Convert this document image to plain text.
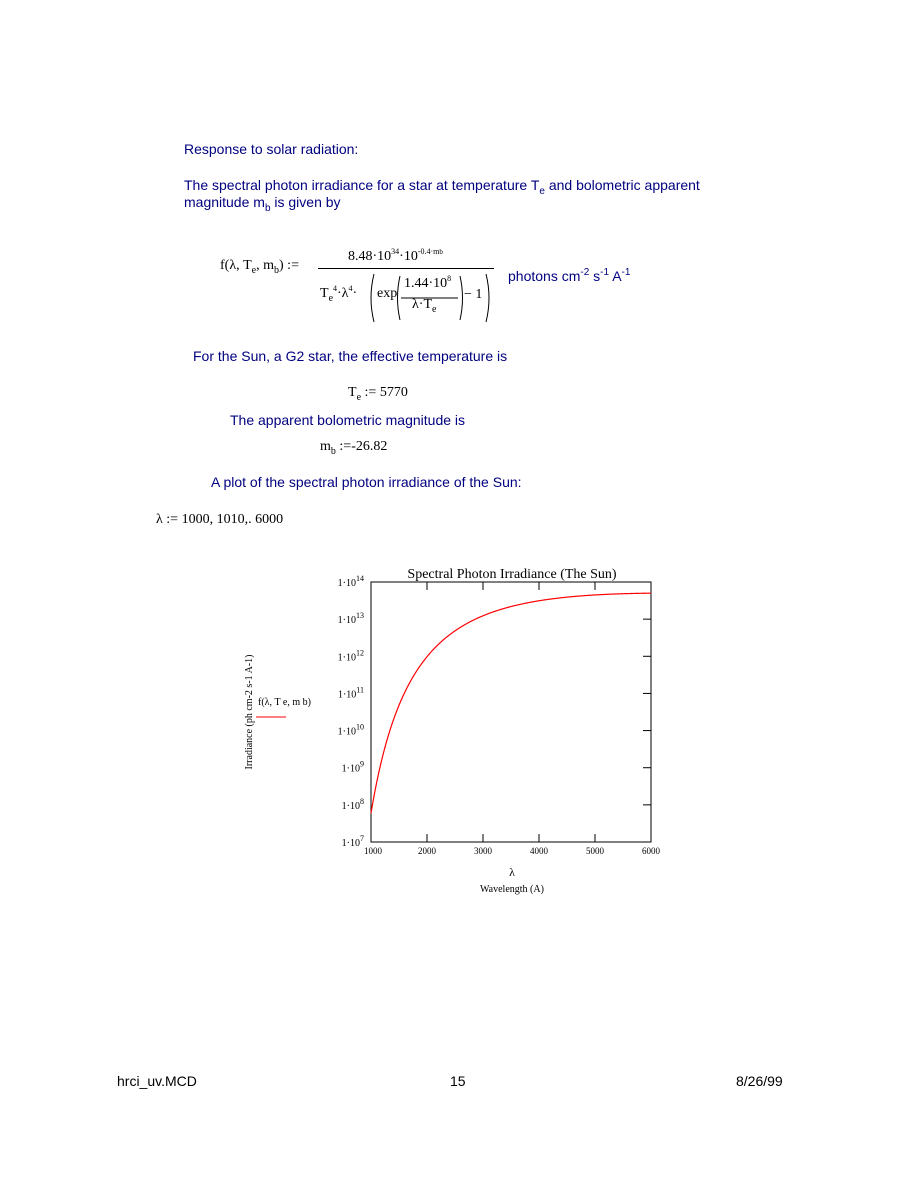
Response to solar radiation:
The spectral photon irradiance for a star at temperature $T_e$ and bolometric apparent
magnitude $m_b$ is given by
f(λ, $T_e$, $m_b$) :=
$8.48\cdot 10^{34}\cdot 10^{-0.4\cdot mb}$
$T_e^4\cdot\lambda^4\cdot \exp$
$1.44\cdot 10^8$
$\lambda\cdot T_e$
− 1
photons $cm^{-2}$ $s^{-1}$ $A^{-1}$
For the Sun, a G2 star, the effective temperature is
$T_e$ := 5770
The apparent bolometric magnitude is
$m_b$ :=-26.82
A plot of the spectral photon irradiance of the Sun:
λ := 1000, 1010,. 6000
Spectral Photon Irradiance (The Sun)
1000	2000	3000	4000	5000	6000
$1\cdot 10^7$
$1\cdot 10^8$
$1\cdot 10^9$
$1\cdot 10^{10}$
$1\cdot 10^{11}$
$1\cdot 10^{12}$
$1\cdot 10^{13}$
$1\cdot 10^{14}$
λ
Wavelength (A)
Irradiance (ph cm-2 s-1 A-1) f(λ, T e, m b)
hrci_uv.MCD	15	8/26/99
